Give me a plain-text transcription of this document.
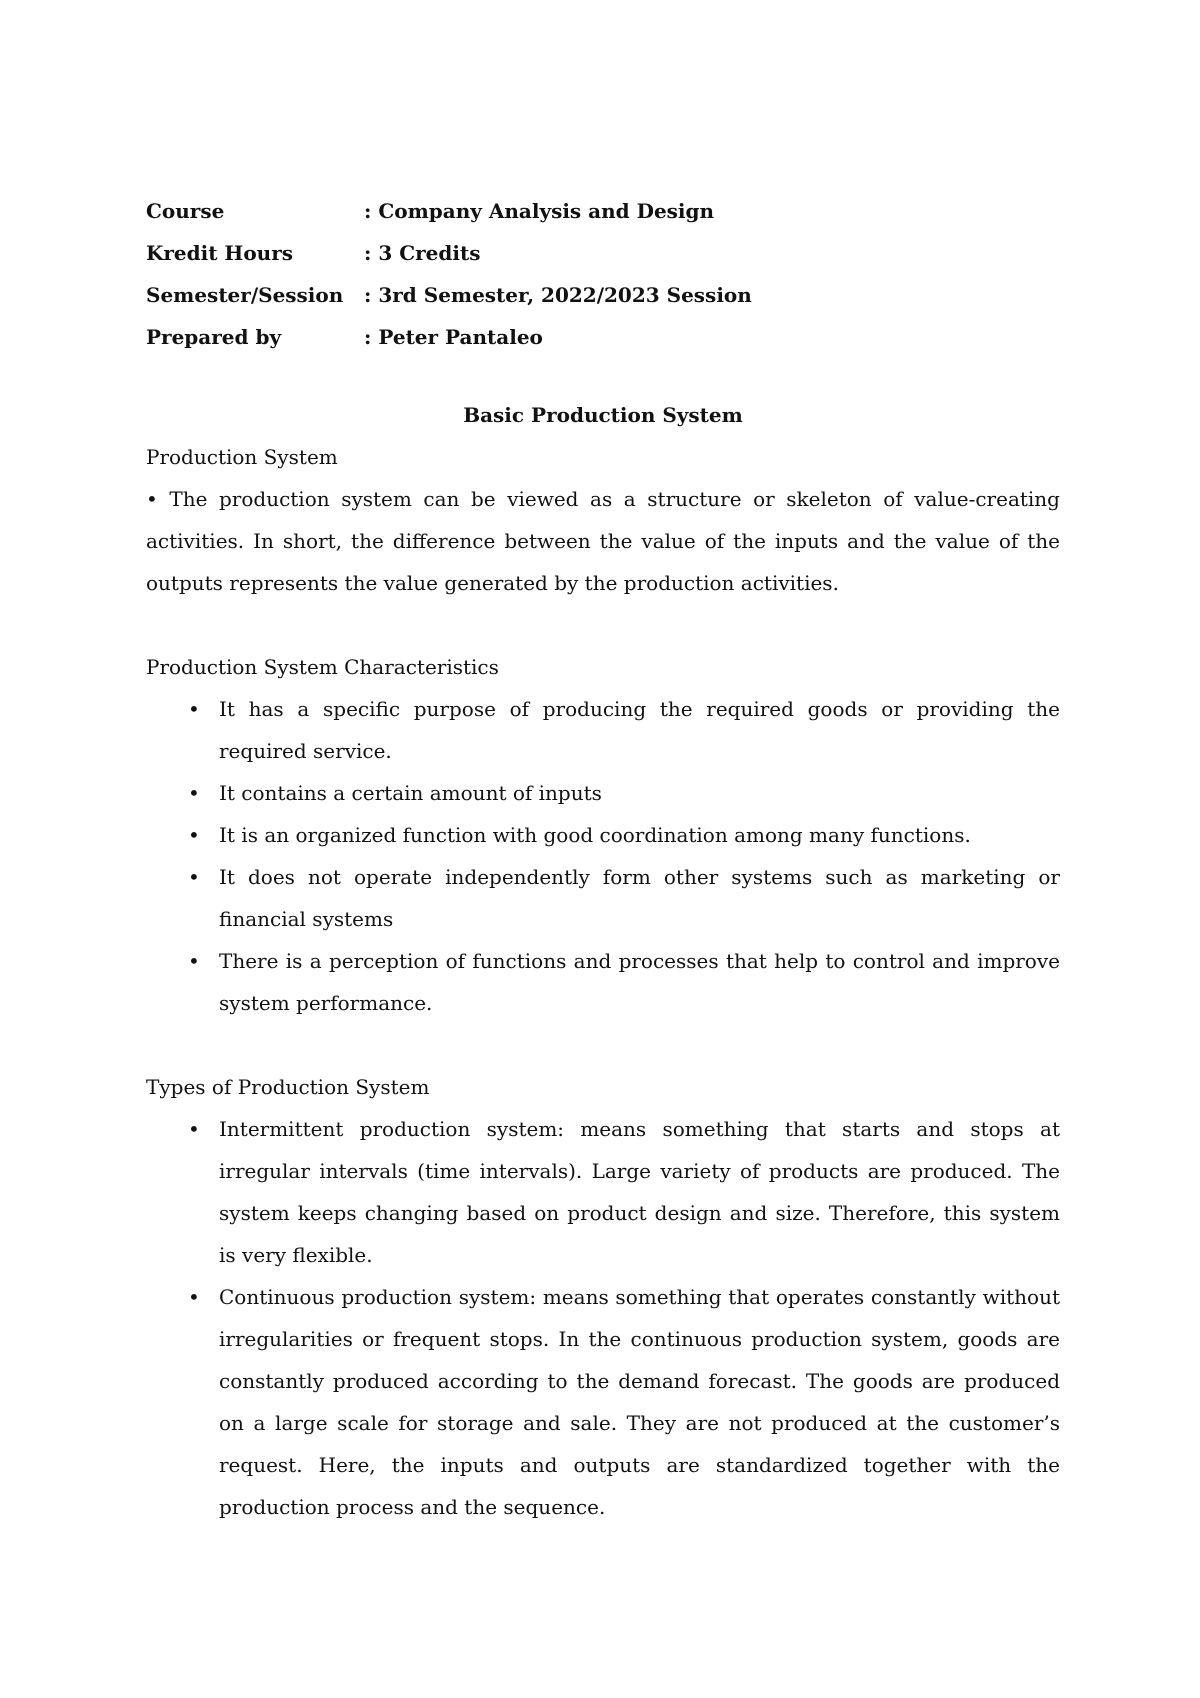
Course	: Company Analysis and Design
Kredit Hours	: 3 Credits
Semester/Session	: 3rd Semester, 2022/2023 Session
Prepared by	: Peter Pantaleo
Basic Production System

Production System

• The production system can be viewed as a structure or skeleton of value-creating activities. In short, the difference between the value of the inputs and the value of the outputs represents the value generated by the production activities.

Production System Characteristics

• It has a specific purpose of producing the required goods or providing the required service.
• It contains a certain amount of inputs
• It is an organized function with good coordination among many functions.
• It does not operate independently form other systems such as marketing or financial systems
• There is a perception of functions and processes that help to control and improve system performance.

Types of Production System

• Intermittent production system: means something that starts and stops at irregular intervals (time intervals). Large variety of products are produced. The system keeps changing based on product design and size. Therefore, this system is very flexible.
• Continuous production system: means something that operates constantly without irregularities or frequent stops. In the continuous production system, goods are constantly produced according to the demand forecast. The goods are produced on a large scale for storage and sale. They are not produced at the customer’s request. Here, the inputs and outputs are standardized together with the production process and the sequence.
